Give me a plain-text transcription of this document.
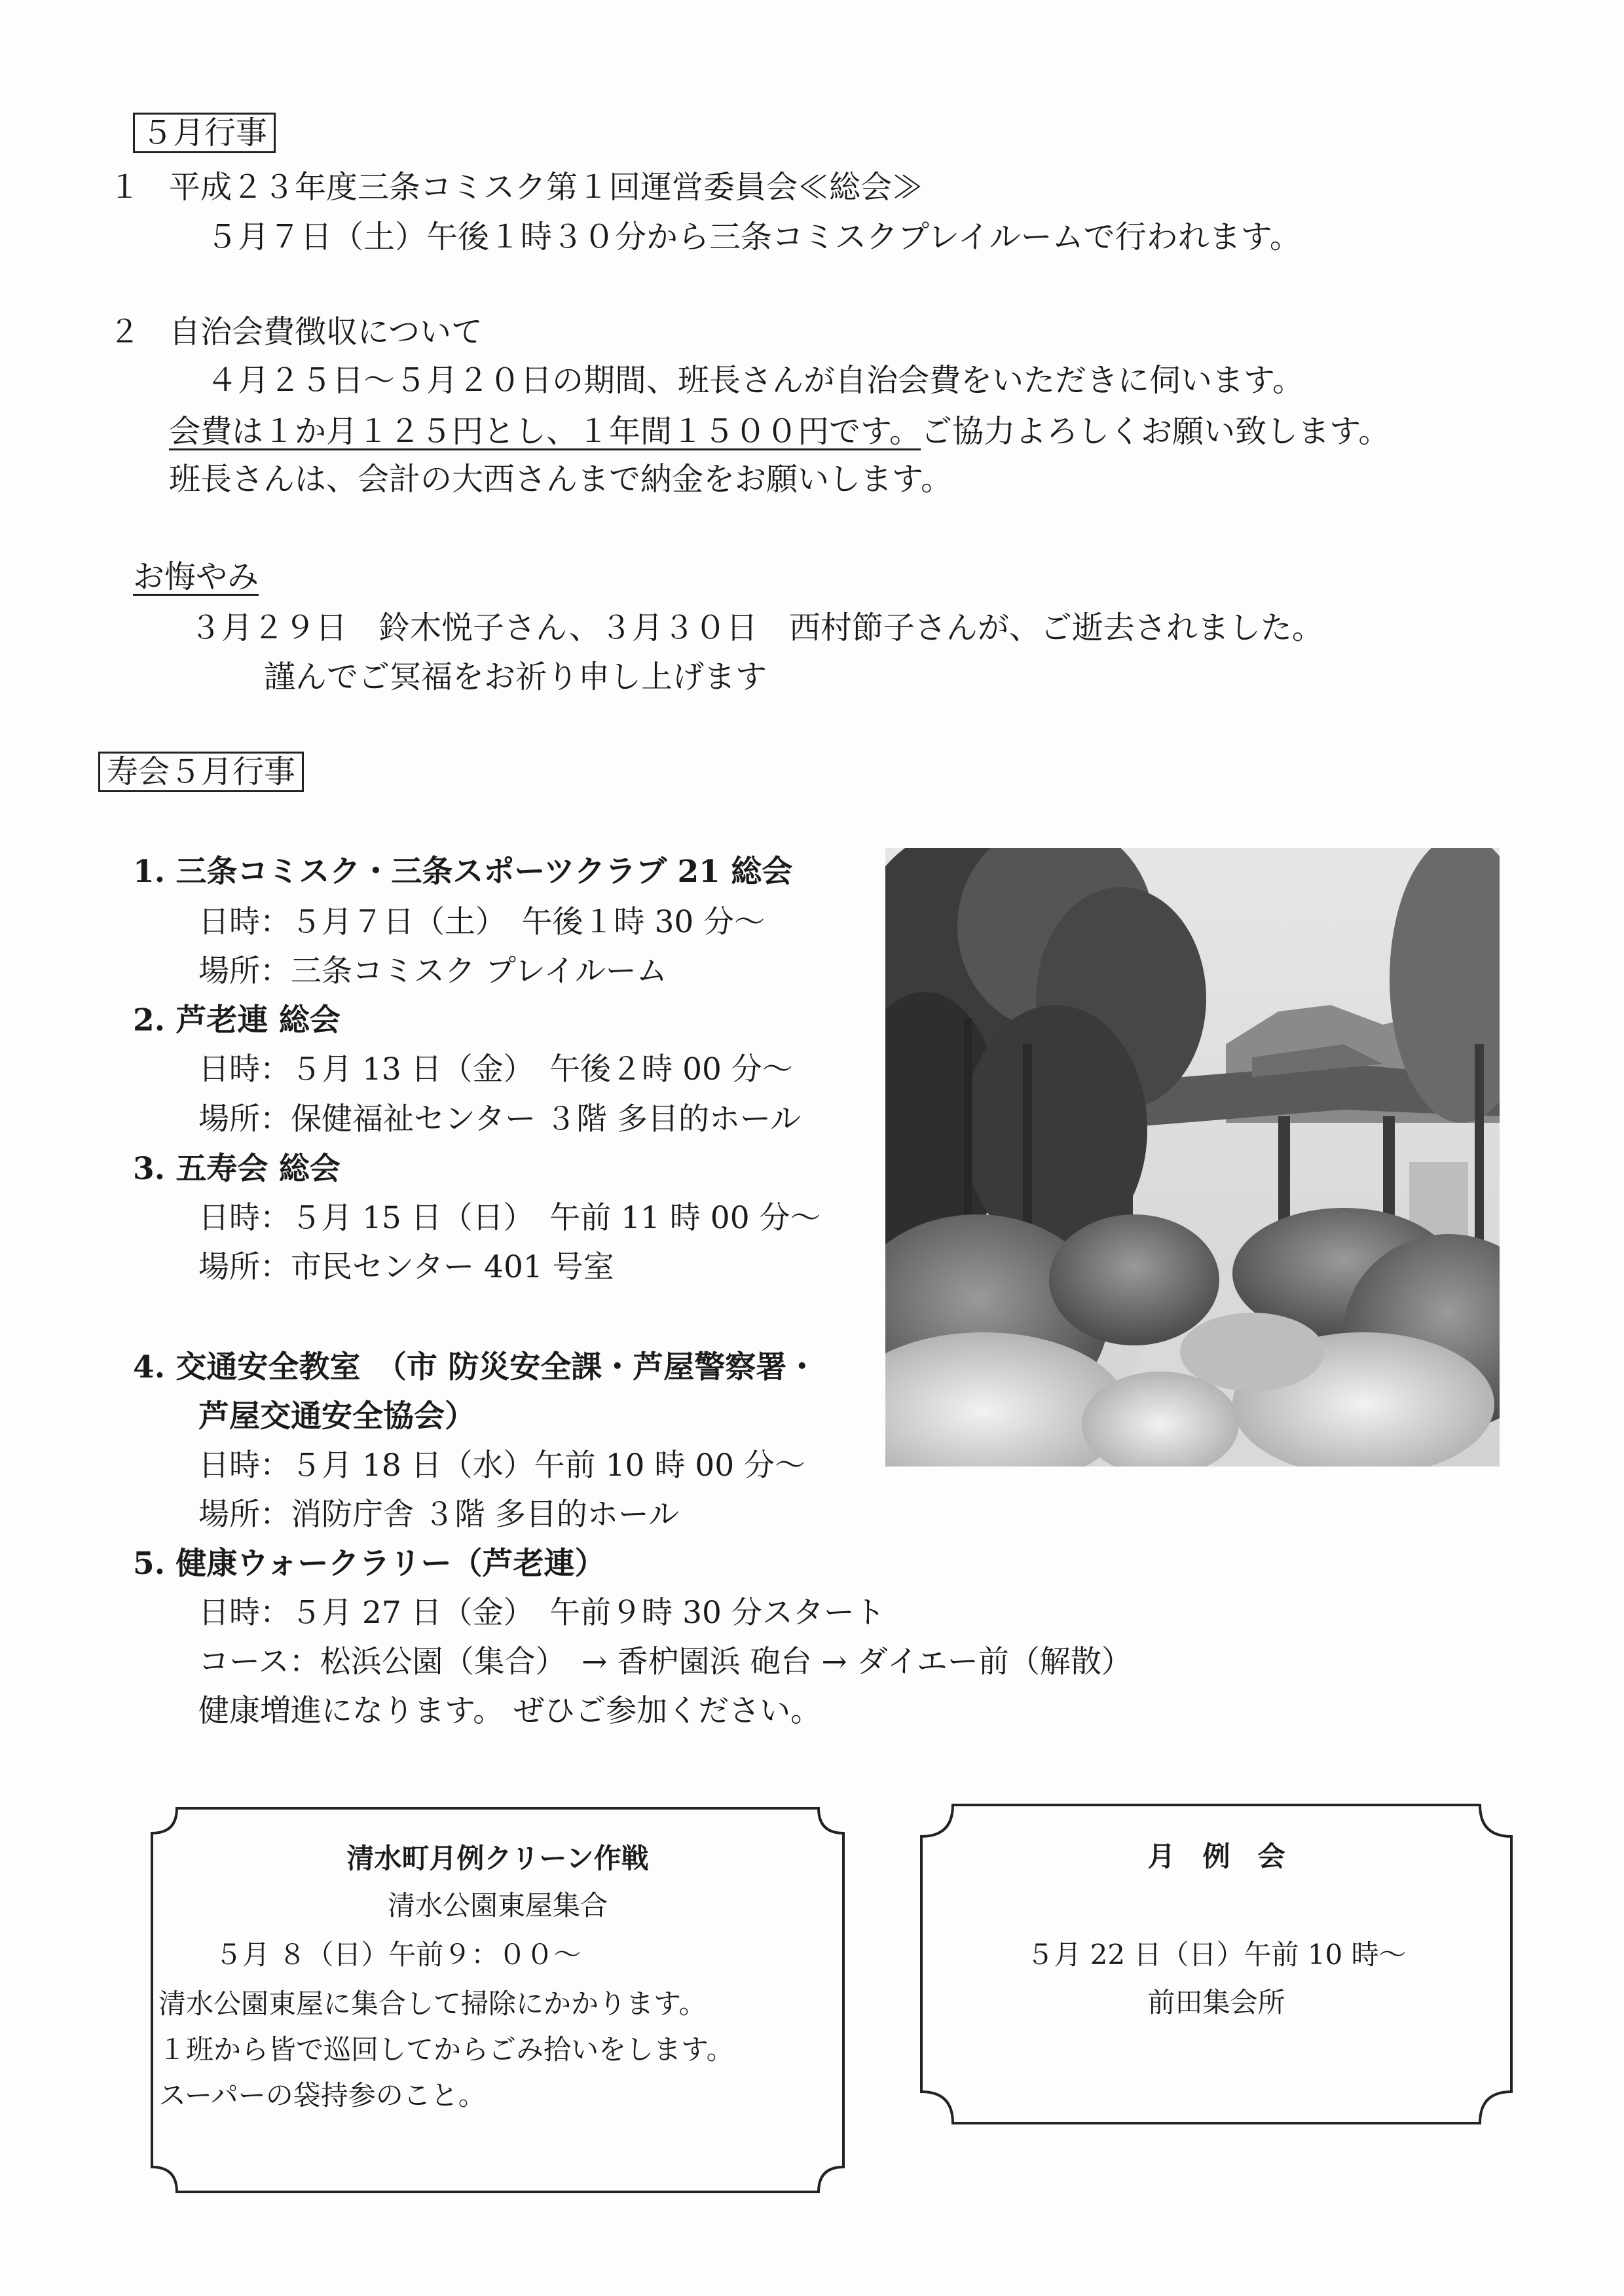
５月行事
１ 平成２３年度三条コミスク第１回運営委員会≪総会≫
５月７日（土）午後１時３０分から三条コミスクプレイルームで行われます。
２ 自治会費徴収について
４月２５日～５月２０日の期間、班長さんが自治会費をいただきに伺います。
会費は１か月１２５円とし、１年間１５００円です。ご協力よろしくお願い致します。
班長さんは、会計の大西さんまで納金をお願いします。
お悔やみ
３月２９日　鈴木悦子さん、３月３０日　西村節子さんが、ご逝去されました。
謹んでご冥福をお祈り申し上げます
寿会５月行事
1. 三条コミスク・三条スポーツクラブ 21 総会
日時：５月７日（土）　午後１時 30 分～
場所：三条コミスク プレイルーム
2. 芦老連 総会
日時：５月 13 日（金）　午後２時 00 分～
場所：保健福祉センター ３階 多目的ホール
3. 五寿会 総会
日時：５月 15 日（日）　午前 11 時 00 分～
場所：市民センター 401 号室
4. 交通安全教室　（市 防災安全課・芦屋警察署・
芦屋交通安全協会）
日時：５月 18 日（水）午前 10 時 00 分～
場所：消防庁舎 ３階 多目的ホール
5. 健康ウォークラリー（芦老連）
日時：５月 27 日（金）　午前９時 30 分スタート
コース：松浜公園（集合）　→ 香枦園浜 砲台 → ダイエー前（解散）
健康増進になります。 ぜひご参加ください。
清水町月例クリーン作戦
清水公園東屋集合
５月 ８（日）午前９：００～
清水公園東屋に集合して掃除にかかります。
１班から皆で巡回してからごみ拾いをします。
スーパーの袋持参のこと。
月　例　会
５月 22 日（日）午前 10 時～
前田集会所
